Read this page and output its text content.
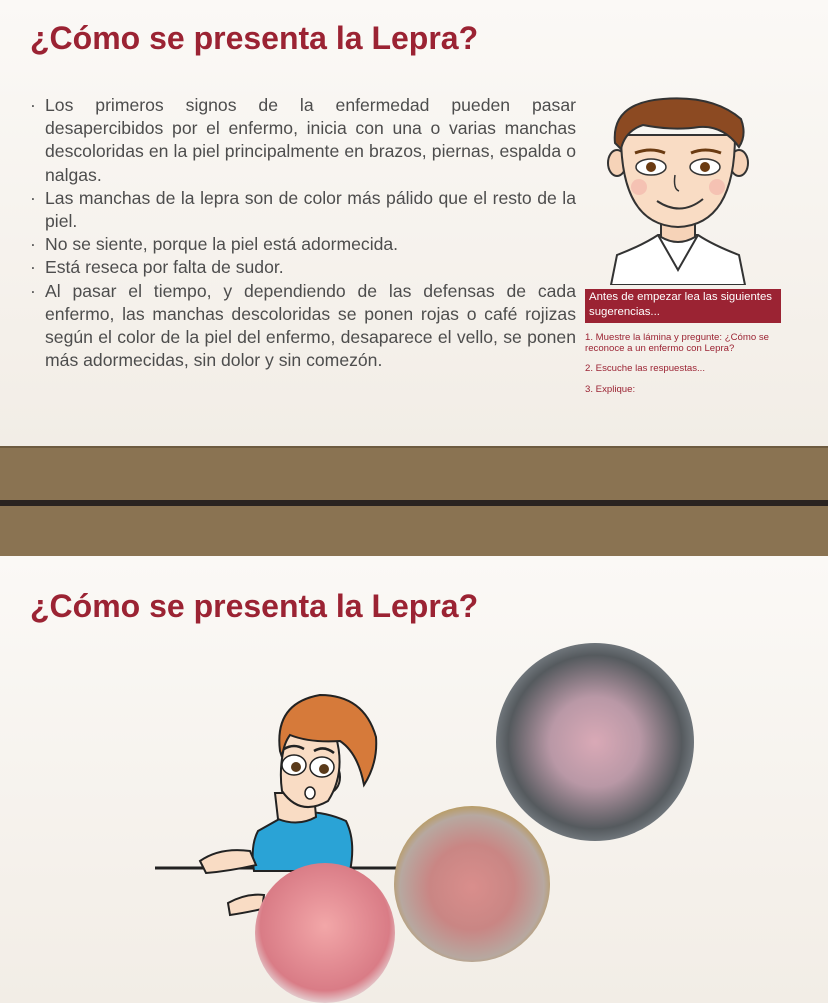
¿Cómo se presenta la Lepra?
· Los primeros signos de la enfermedad pueden pasar desapercibidos por el enfermo, inicia con una o varias manchas descoloridas en la piel principalmente en brazos, piernas, espalda o nalgas.
· Las manchas de la lepra son de color más pálido que el resto de la piel.
· No se siente, porque la piel está adormecida.
· Está reseca por falta de sudor.
· Al pasar el tiempo, y dependiendo de las defensas de cada enfermo, las manchas descoloridas se ponen rojas o café rojizas según el color de la piel del enfermo, desaparece el vello, se ponen más adormecidas, sin dolor y sin comezón.
Antes de empezar lea las siguientes sugerencias...
1. Muestre la lámina y pregunte: ¿Cómo se reconoce a un enfermo con Lepra?
2. Escuche las respuestas...
3. Explique:
¿Cómo se presenta la Lepra?
